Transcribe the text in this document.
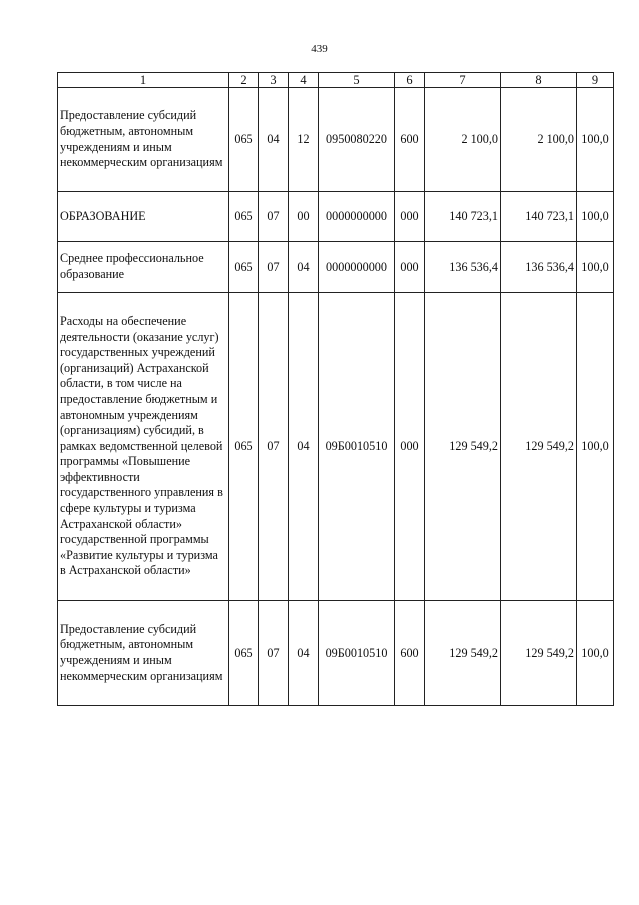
439
1	2	3	4	5	6	7	8	9
Предоставление субсидий бюджетным, автономным учреждениям и иным некоммерческим организациям	065	04	12	0950080220	600	2 100,0	2 100,0	100,0
ОБРАЗОВАНИЕ	065	07	00	0000000000	000	140 723,1	140 723,1	100,0
Среднее профессиональное образование	065	07	04	0000000000	000	136 536,4	136 536,4	100,0
Расходы на обеспечение деятельности (оказание услуг) государственных учреждений (организаций) Астраханской области, в том числе на предоставление бюджетным и автономным учреждениям (организациям) субсидий, в рамках ведомственной целевой программы «Повышение эффективности государственного управления в сфере культуры и туризма Астраханской области» государственной программы «Развитие культуры и туризма в Астраханской области»	065	07	04	09Б0010510	000	129 549,2	129 549,2	100,0
Предоставление субсидий бюджетным, автономным учреждениям и иным некоммерческим организациям	065	07	04	09Б0010510	600	129 549,2	129 549,2	100,0
